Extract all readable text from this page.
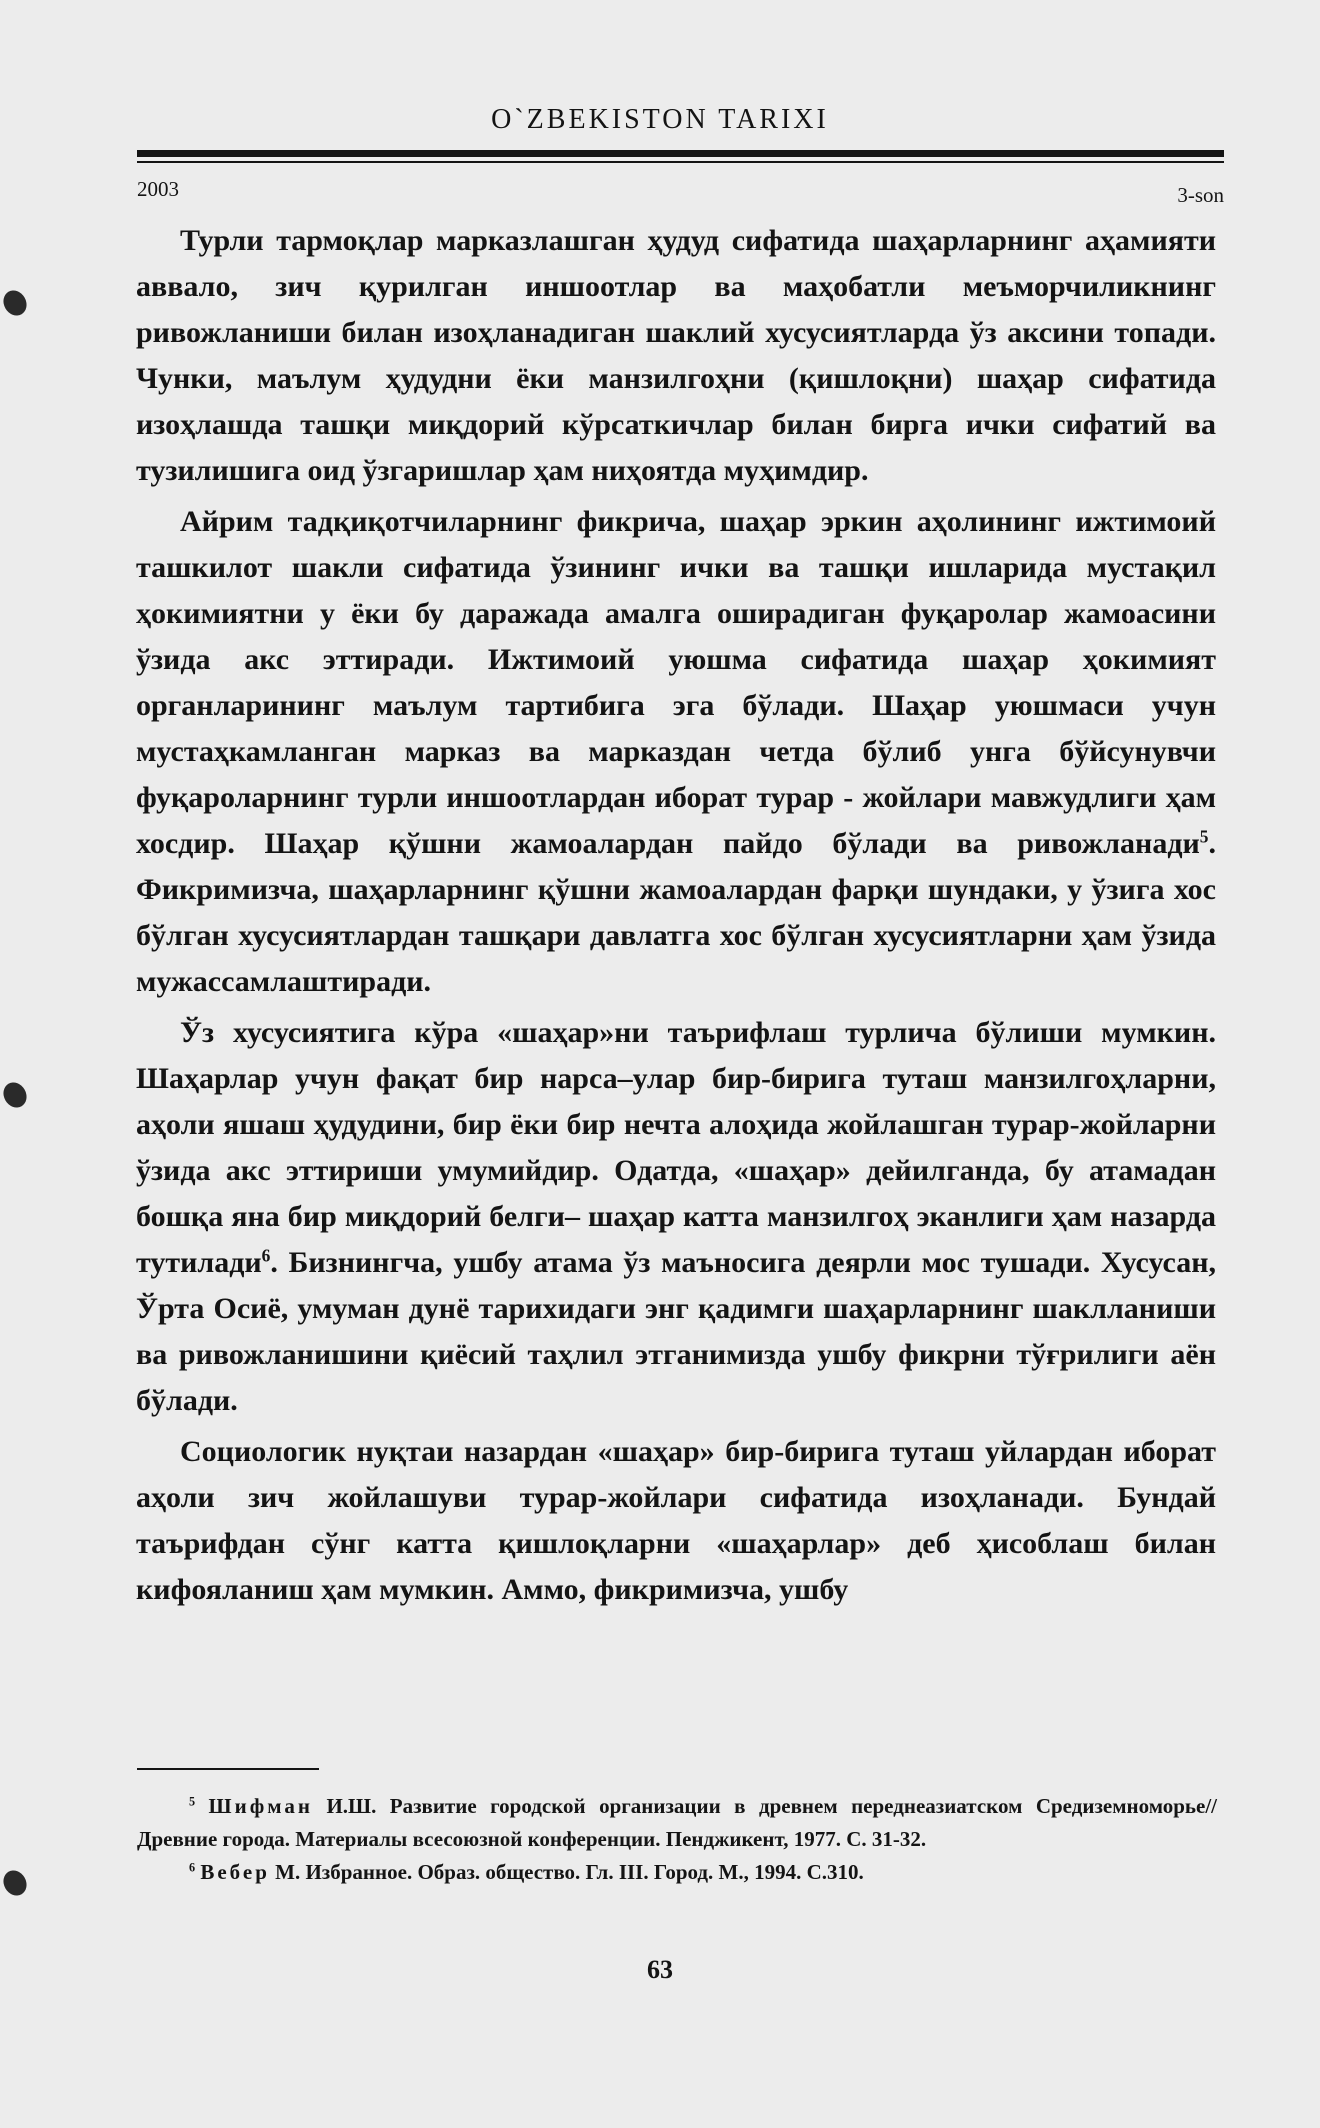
O`ZBEKISTON TARIXI
2003	3-son

Турли тармоқлар марказлашган ҳудуд сифатида шаҳарларнинг аҳамияти аввало, зич қурилган иншоотлар ва маҳобатли меъморчиликнинг ривожланиши билан изоҳланадиган шаклий хусусиятларда ўз аксини топади. Чунки, маълум ҳудудни ёки манзилгоҳни (қишлоқни) шаҳар сифатида изоҳлашда ташқи миқдорий кўрсаткичлар билан бирга ички сифатий ва тузилишига оид ўзгаришлар ҳам ниҳоятда муҳимдир.

Айрим тадқиқотчиларнинг фикрича, шаҳар эркин аҳолининг ижтимоий ташкилот шакли сифатида ўзининг ички ва ташқи ишларида мустақил ҳокимиятни у ёки бу даражада амалга оширадиган фуқаролар жамоасини ўзида акс эттиради. Ижтимоий уюшма сифатида шаҳар ҳокимият органларининг маълум тартибига эга бўлади. Шаҳар уюшмаси учун мустаҳкамланган марказ ва марказдан четда бўлиб унга бўйсунувчи фуқароларнинг турли иншоотлардан иборат турар - жойлари мавжудлиги ҳам хосдир. Шаҳар қўшни жамоалардан пайдо бўлади ва ривожланади$^5$. Фикримизча, шаҳарларнинг қўшни жамоалардан фарқи шундаки, у ўзига хос бўлган хусусиятлардан ташқари давлатга хос бўлган хусусиятларни ҳам ўзида мужассамлаштиради.

Ўз хусусиятига кўра «шаҳар»ни таърифлаш турлича бўлиши мумкин. Шаҳарлар учун фақат бир нарса–улар бир-бирига туташ манзилгоҳларни, аҳоли яшаш ҳудудини, бир ёки бир нечта алоҳида жойлашган турар-жойларни ўзида акс эттириши умумийдир. Одатда, «шаҳар» дейилганда, бу атамадан бошқа яна бир миқдорий белги– шаҳар катта манзилгоҳ эканлиги ҳам назарда тутилади$^6$. Бизнингча, ушбу атама ўз маъносига деярли мос тушади. Хусусан, Ўрта Осиё, умуман дунё тарихидаги энг қадимги шаҳарларнинг шаклланиши ва ривожланишини қиёсий таҳлил этганимизда ушбу фикрни тўғрилиги аён бўлади.

Социологик нуқтаи назардан «шаҳар» бир-бирига туташ уйлардан иборат аҳоли зич жойлашуви турар-жойлари сифатида изоҳланади. Бундай таърифдан сўнг катта қишлоқларни «шаҳарлар» деб ҳисоблаш билан кифояланиш ҳам мумкин. Аммо, фикримизча, ушбу

$^5$ Шифман И.Ш. Развитие городской организации в древнем переднеазиатском Средиземноморье// Древние города. Материалы всесоюзной конференции. Пенджикент, 1977. С. 31-32.

$^6$ Вебер М. Избранное. Образ. общество. Гл. III. Город. М., 1994. С.310.

63
